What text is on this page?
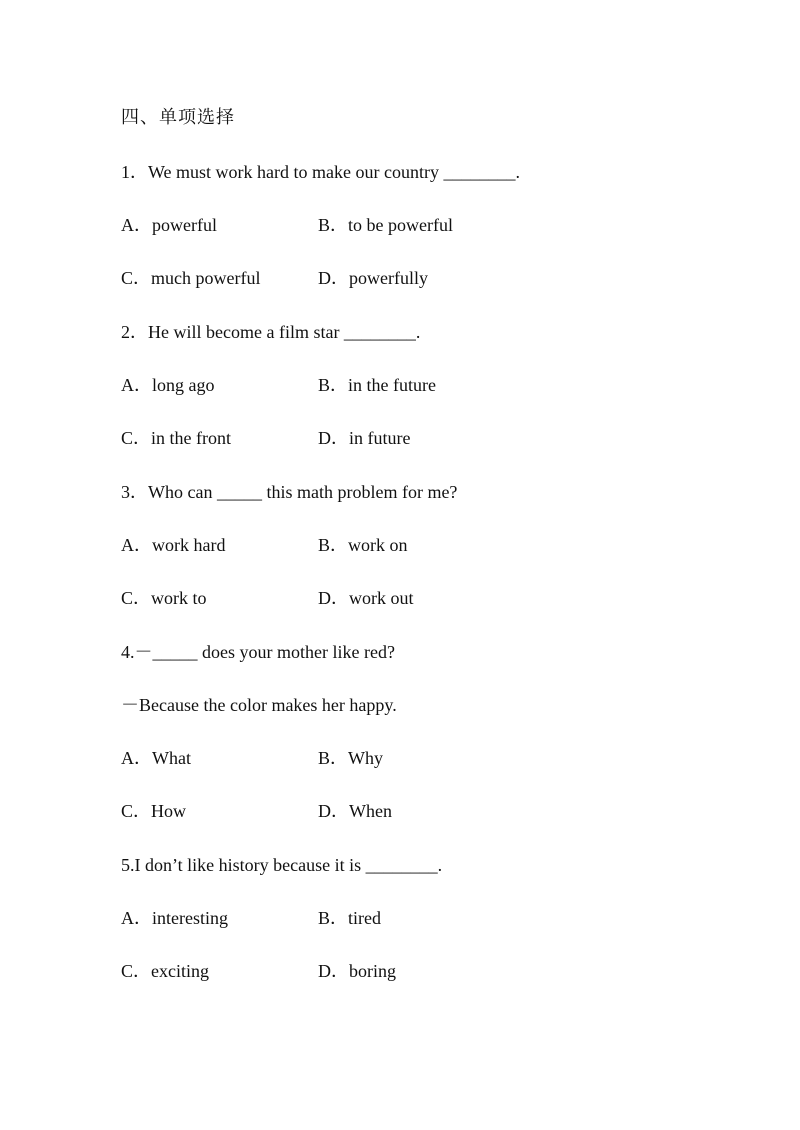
四、单项选择
1．We must work hard to make our country ________.
A．powerful	B．to be powerful
C．much powerful	D．powerfully
2．He will become a film star ________.
A．long ago	B．in the future
C．in the front	D．in future
3．Who can _____ this math problem for me?
A．work hard	B．work on
C．work to	D．work out
4.－_____ does your mother like red?
－Because the color makes her happy.
A．What	B．Why
C．How	D．When
5.I don’t like history because it is ________.
A．interesting	B．tired
C．exciting	D．boring
